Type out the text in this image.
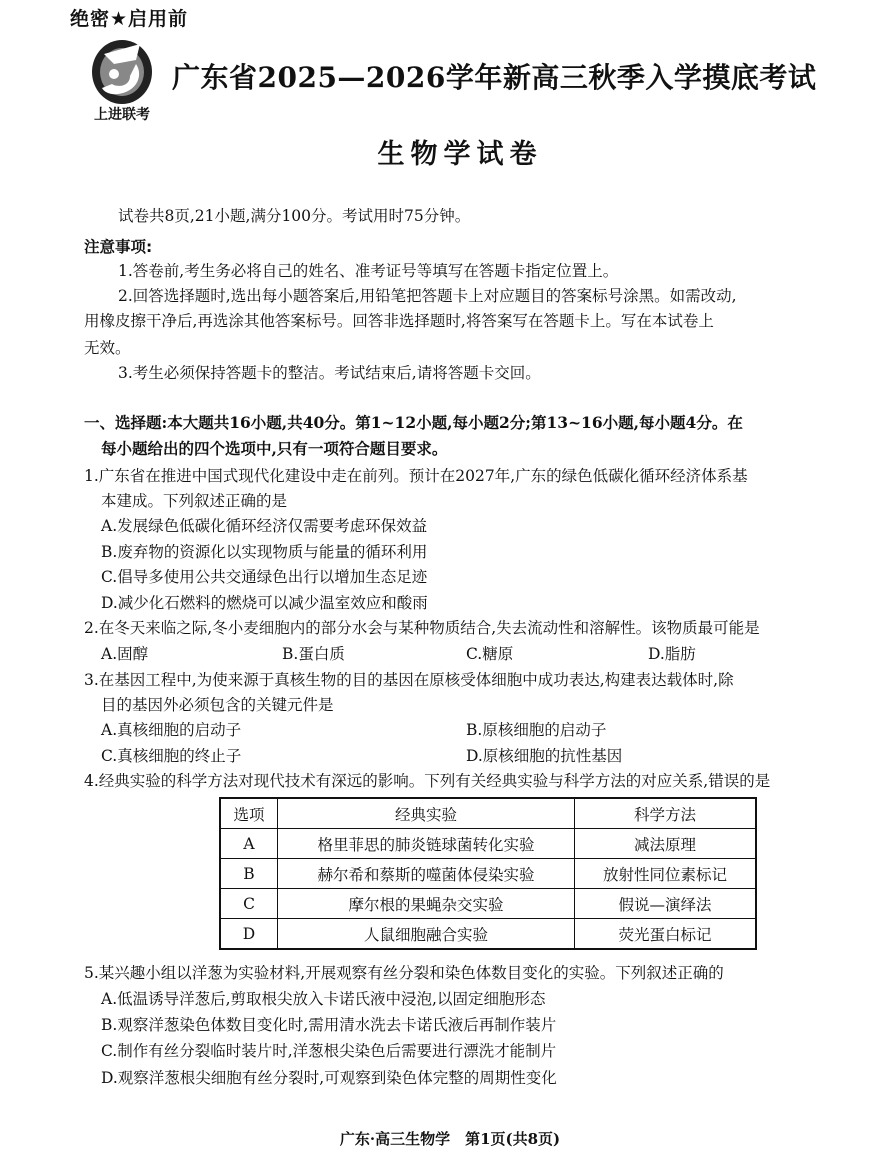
绝密★启用前
上进联考
广东省2025—2026学年新高三秋季入学摸底考试
生物学试卷
试卷共8页,21小题,满分100分。考试用时75分钟。
注意事项:
1.答卷前,考生务必将自己的姓名、准考证号等填写在答题卡指定位置上。
2.回答选择题时,选出每小题答案后,用铅笔把答题卡上对应题目的答案标号涂黑。如需改动,
用橡皮擦干净后,再选涂其他答案标号。回答非选择题时,将答案写在答题卡上。写在本试卷上
无效。
3.考生必须保持答题卡的整洁。考试结束后,请将答题卡交回。
一、选择题:本大题共16小题,共40分。第1~12小题,每小题2分;第13~16小题,每小题4分。在
每小题给出的四个选项中,只有一项符合题目要求。
1.广东省在推进中国式现代化建设中走在前列。预计在2027年,广东的绿色低碳化循环经济体系基
本建成。下列叙述正确的是
A.发展绿色低碳化循环经济仅需要考虑环保效益
B.废弃物的资源化以实现物质与能量的循环利用
C.倡导多使用公共交通绿色出行以增加生态足迹
D.减少化石燃料的燃烧可以减少温室效应和酸雨
2.在冬天来临之际,冬小麦细胞内的部分水会与某种物质结合,失去流动性和溶解性。该物质最可能是
A.固醇	B.蛋白质	C.糖原	D.脂肪
3.在基因工程中,为使来源于真核生物的目的基因在原核受体细胞中成功表达,构建表达载体时,除
目的基因外必须包含的关键元件是
A.真核细胞的启动子	B.原核细胞的启动子
C.真核细胞的终止子	D.原核细胞的抗性基因
4.经典实验的科学方法对现代技术有深远的影响。下列有关经典实验与科学方法的对应关系,错误的是
选项	经典实验	科学方法
A	格里菲思的肺炎链球菌转化实验	减法原理
B	赫尔希和蔡斯的噬菌体侵染实验	放射性同位素标记
C	摩尔根的果蝇杂交实验	假说—演绎法
D	人鼠细胞融合实验	荧光蛋白标记
5.某兴趣小组以洋葱为实验材料,开展观察有丝分裂和染色体数目变化的实验。下列叙述正确的
A.低温诱导洋葱后,剪取根尖放入卡诺氏液中浸泡,以固定细胞形态
B.观察洋葱染色体数目变化时,需用清水洗去卡诺氏液后再制作装片
C.制作有丝分裂临时装片时,洋葱根尖染色后需要进行漂洗才能制片
D.观察洋葱根尖细胞有丝分裂时,可观察到染色体完整的周期性变化
广东·高三生物学　第1页(共8页)
